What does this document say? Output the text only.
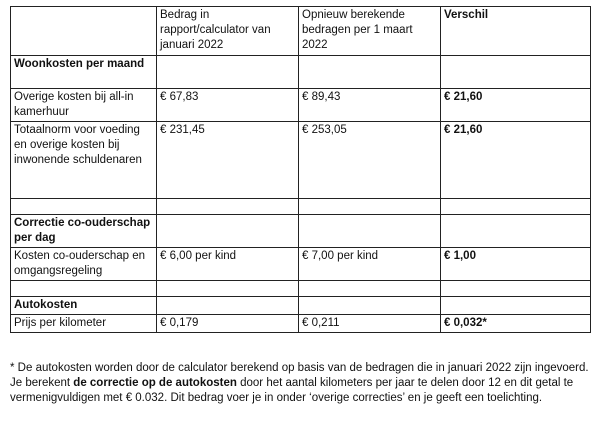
	Bedrag in rapport/calculator van januari 2022	Opnieuw berekende bedragen per 1 maart 2022	Verschil
Woonkosten per maand			
Overige kosten bij all-in kamerhuur	€ 67,83	€ 89,43	€ 21,60
Totaalnorm voor voeding en overige kosten bij inwonende schuldenaren	€ 231,45	€ 253,05	€ 21,60

Correctie co-ouderschap per dag			
Kosten co-ouderschap en omgangsregeling	€ 6,00 per kind	€ 7,00 per kind	€ 1,00

Autokosten			
Prijs per kilometer	€ 0,179	€ 0,211	€ 0,032*
* De autokosten worden door de calculator berekend op basis van de bedragen die in januari 2022 zijn ingevoerd. Je berekent de correctie op de autokosten door het aantal kilometers per jaar te delen door 12 en dit getal te vermenigvuldigen met € 0.032. Dit bedrag voer je in onder ‘overige correcties’ en je geeft een toelichting.
